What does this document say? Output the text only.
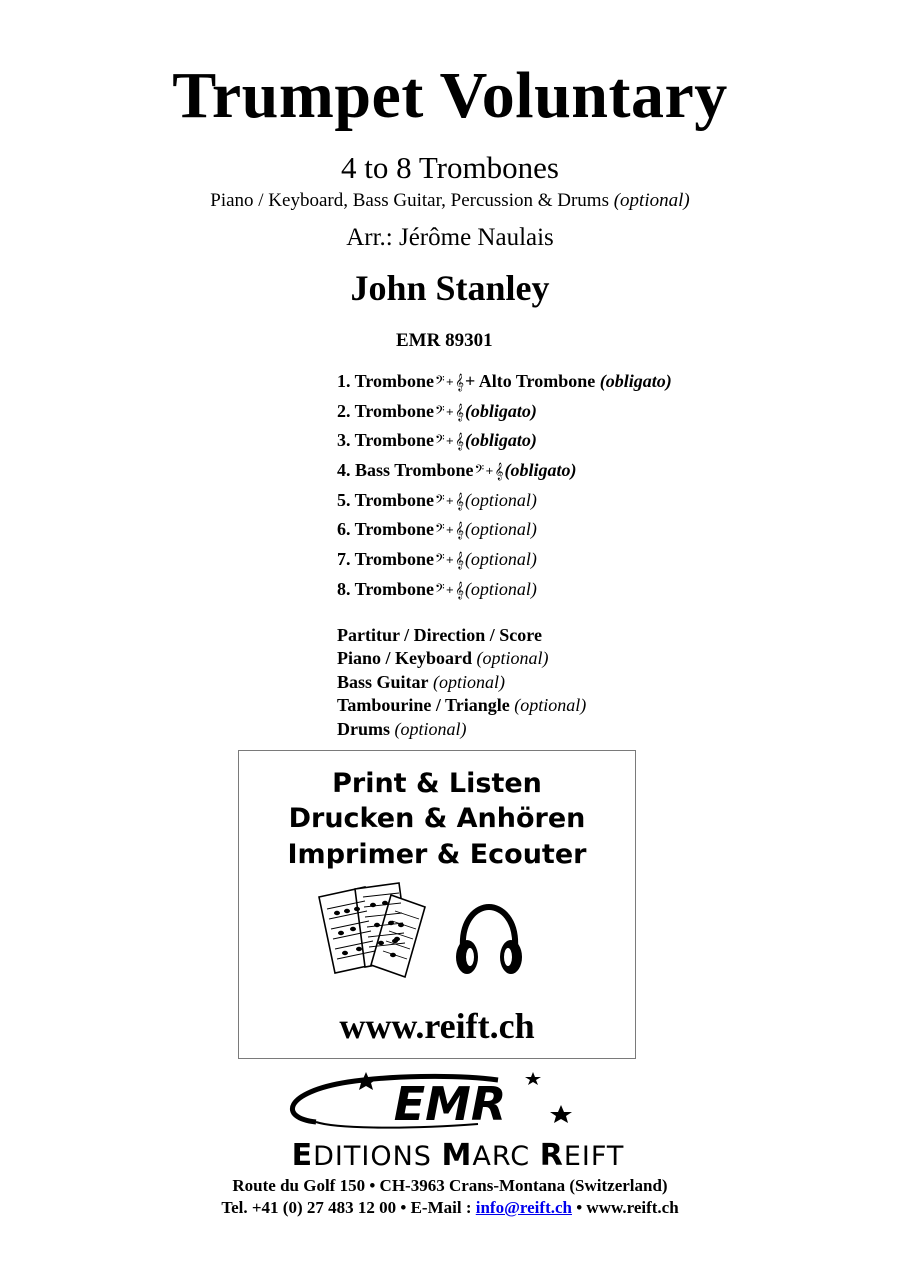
Trumpet Voluntary
4 to 8 Trombones
Piano / Keyboard, Bass Guitar, Percussion & Drums (optional)
Arr.: Jérôme Naulais
John Stanley
EMR 89301
1. Trombone𝄢+𝄞+ Alto Trombone (obligato)
2. Trombone𝄢+𝄞(obligato)
3. Trombone𝄢+𝄞(obligato)
4. Bass Trombone𝄢+𝄞(obligato)
5. Trombone𝄢+𝄞(optional)
6. Trombone𝄢+𝄞(optional)
7. Trombone𝄢+𝄞(optional)
8. Trombone𝄢+𝄞(optional)
Partitur / Direction / Score
Piano / Keyboard (optional)
Bass Guitar (optional)
Tambourine / Triangle (optional)
Drums (optional)
Print & Listen
Drucken & Anhören
Imprimer & Ecouter
www.reift.ch
EMR
EDITIONS MARC REIFT
Route du Golf 150 • CH-3963 Crans-Montana (Switzerland)
Tel. +41 (0) 27 483 12 00 • E-Mail : info@reift.ch • www.reift.ch
